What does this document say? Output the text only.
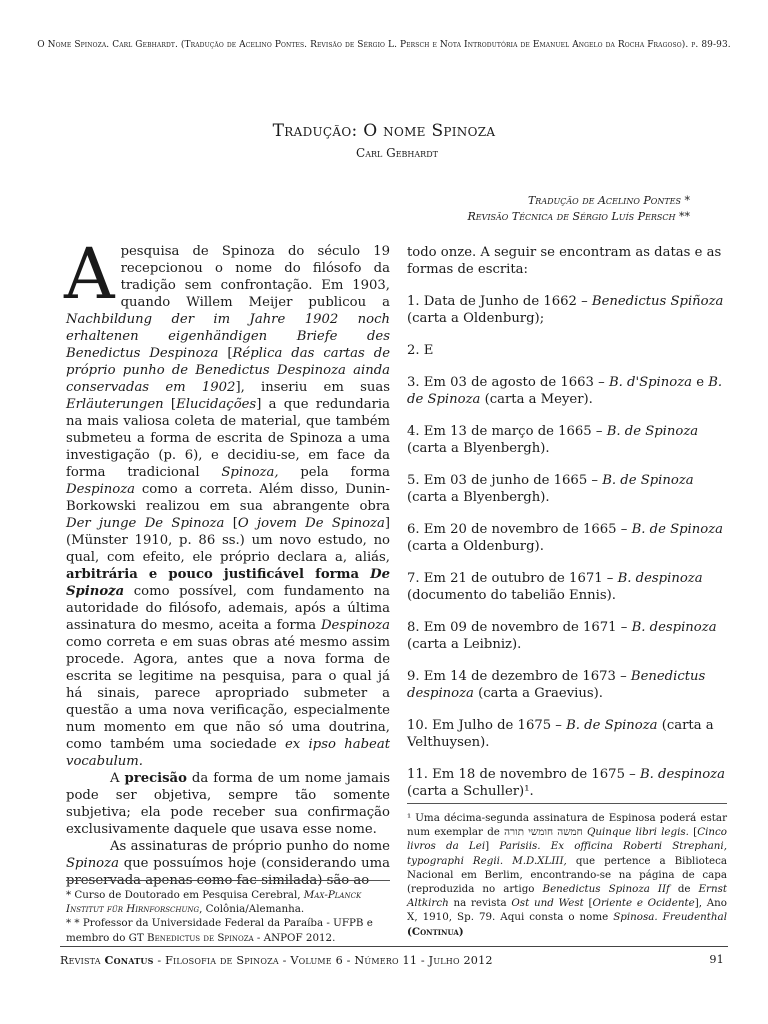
O Nome Spinoza. Carl Gebhardt. (Tradução de Acelino Pontes. Revisão de Sérgio L. Persch e Nota Introdutória de Emanuel Angelo da Rocha Fragoso). p. 89-93.
Tradução: O nome Spinoza
Carl Gebhardt
Tradução de Acelino Pontes *
Revisão Técnica de Sérgio Luís Persch **

Apesquisa de Spinoza do século 19 recepcionou o nome do filósofo da tradição sem confrontação. Em 1903, quando Willem Meijer publicou a Nachbildung der im Jahre 1902 noch erhaltenen eigenhändigen Briefe des Benedictus Despinoza [Réplica das cartas de próprio punho de Benedictus Despinoza ainda conservadas em 1902], inseriu em suas Erläuterungen [Elucidações] a que redundaria na mais valiosa coleta de material, que também submeteu a forma de escrita de Spinoza a uma investigação (p. 6), e decidiu-se, em face da forma tradicional Spinoza, pela forma Despinoza como a correta. Além disso, Dunin-Borkowski realizou em sua abrangente obra Der junge De Spinoza [O jovem De Spinoza] (Münster 1910, p. 86 ss.) um novo estudo, no qual, com efeito, ele próprio declara a, aliás, arbitrária e pouco justificável forma De Spinoza como possível, com fundamento na autoridade do filósofo, ademais, após a última assinatura do mesmo, aceita a forma Despinoza como correta e em suas obras até mesmo assim procede. Agora, antes que a nova forma de escrita se legitime na pesquisa, para o qual já há sinais, parece apropriado submeter a questão a uma nova verificação, especialmente num momento em que não só uma doutrina, como também uma sociedade ex ipso habeat vocabulum.

A precisão da forma de um nome jamais pode ser objetiva, sempre tão somente subjetiva; ela pode receber sua confirmação exclusivamente daquele que usava esse nome.

As assinaturas de próprio punho do nome Spinoza que possuímos hoje (considerando uma preservada apenas como fac-similada) são ao

todo onze. A seguir se encontram as datas e as formas de escrita:

1. Data de Junho de 1662 – Benedictus Spiñoza (carta a Oldenburg);

2. E

3. Em 03 de agosto de 1663 – B. d'Spinoza e B. de Spinoza (carta a Meyer).

4. Em 13 de março de 1665 – B. de Spinoza (carta a Blyenbergh).

5. Em 03 de junho de 1665 – B. de Spinoza (carta a Blyenbergh).

6. Em 20 de novembro de 1665 – B. de Spinoza (carta a Oldenburg).

7. Em 21 de outubro de 1671 – B. despinoza (documento do tabelião Ennis).

8. Em 09 de novembro de 1671 – B. despinoza (carta a Leibniz).

9. Em 14 de dezembro de 1673 – Benedictus despinoza (carta a Graevius).

10. Em Julho de 1675 – B. de Spinoza (carta a Velthuysen).

11. Em 18 de novembro de 1675 – B. despinoza (carta a Schuller)¹.

¹ Uma décima-segunda assinatura de Espinosa poderá estar num exemplar de חמשה חומשי תורה Quinque libri legis. [Cinco livros da Lei] Parisiis. Ex officina Roberti Strephani, typographi Regii. M.D.XLIII, que pertence a Biblioteca Nacional em Berlim, encontrando-se na página de capa (reproduzida no artigo Benedictus Spinoza IIf de Ernst Altkirch na revista Ost und West [Oriente e Ocidente], Ano X, 1910, Sp. 79. Aqui consta o nome Spinosa. Freudenthal (Continua)

* Curso de Doutorado em Pesquisa Cerebral, Max-Planck Institut für Hirnforschung, Colônia/Alemanha.

* * Professor da Universidade Federal da Paraíba - UFPB e membro do GT Benedictus de Spinoza - ANPOF 2012.

Revista Conatus - Filosofia de Spinoza - Volume 6 - Número 11 - Julho 2012	91
